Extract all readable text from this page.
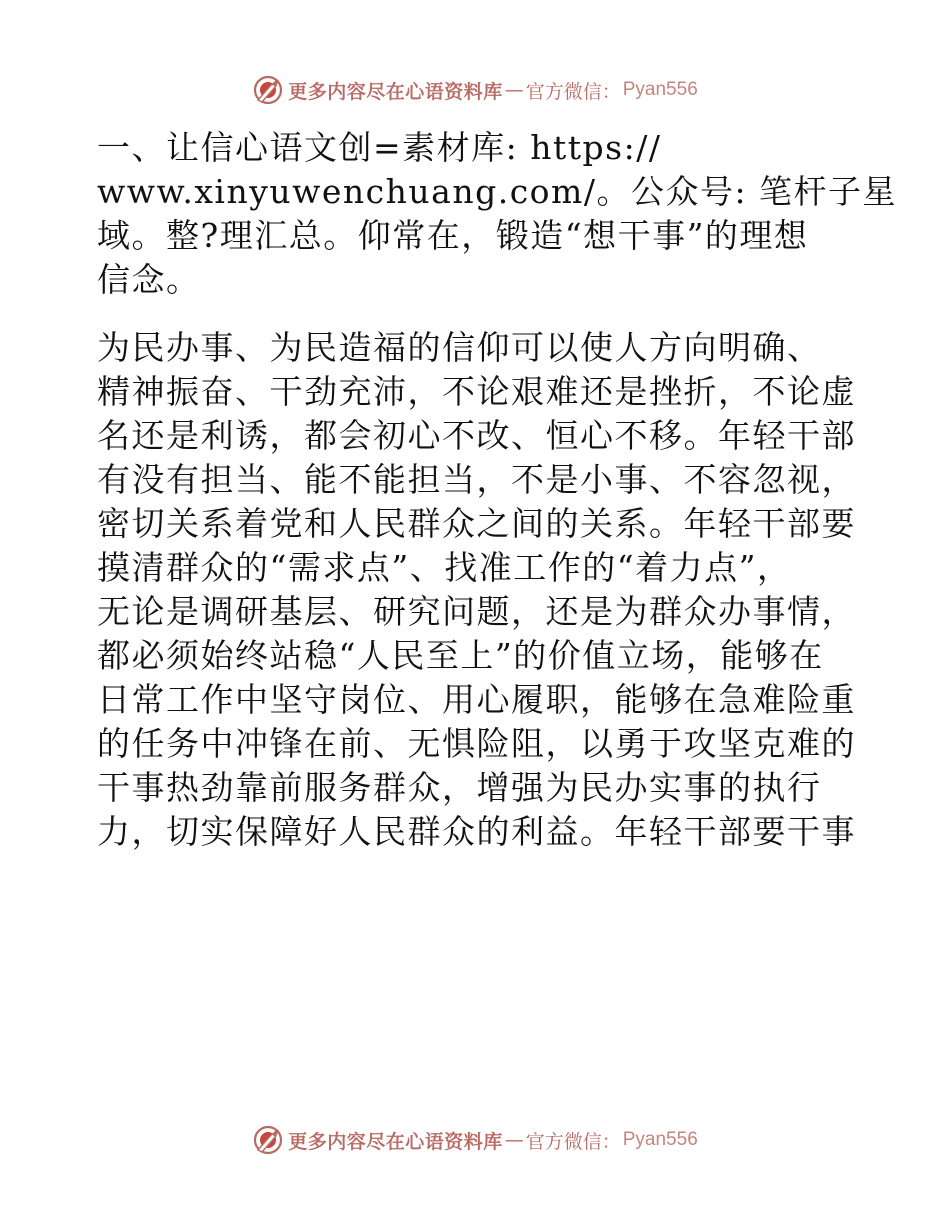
更多内容尽在心语资料库 — 官方微信： Pyan556
一、让信心语文创=素材库: https://
www.xinyuwenchuang.com/。公众号: 笔杆子星
域。整?理汇总。仰常在，锻造“想干事”的理想
信念。
为民办事、为民造福的信仰可以使人方向明确、
精神振奋、干劲充沛，不论艰难还是挫折，不论虚
名还是利诱，都会初心不改、恒心不移。年轻干部
有没有担当、能不能担当，不是小事、不容忽视，
密切关系着党和人民群众之间的关系。年轻干部要
摸清群众的“需求点”、找准工作的“着力点”，
无论是调研基层、研究问题，还是为群众办事情，
都必须始终站稳“人民至上”的价值立场，能够在
日常工作中坚守岗位、用心履职，能够在急难险重
的任务中冲锋在前、无惧险阻，以勇于攻坚克难的
干事热劲靠前服务群众，增强为民办实事的执行
力，切实保障好人民群众的利益。年轻干部要干事
更多内容尽在心语资料库 — 官方微信： Pyan556
